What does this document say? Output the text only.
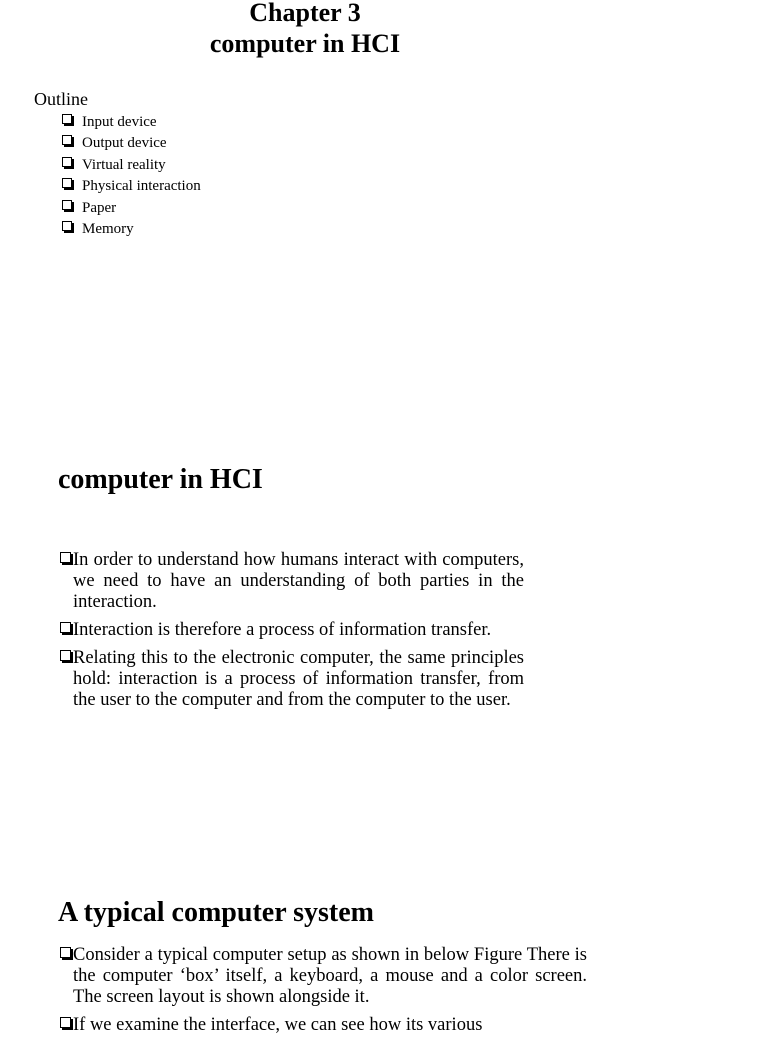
Chapter 3
computer in HCI
Outline
Input device
Output device
Virtual reality
Physical interaction
Paper
Memory
computer in HCI
In order to understand how humans interact with computers, we need to have an understanding of both parties in the interaction.
Interaction is therefore a process of information transfer.
Relating this to the electronic computer, the same principles hold: interaction is a process of information transfer, from the user to the computer and from the computer to the user.
A typical computer system
Consider a typical computer setup as shown in below Figure There is the computer ‘box’ itself, a keyboard, a mouse and a color screen. The screen layout is shown alongside it.
If we examine the interface, we can see how its various
